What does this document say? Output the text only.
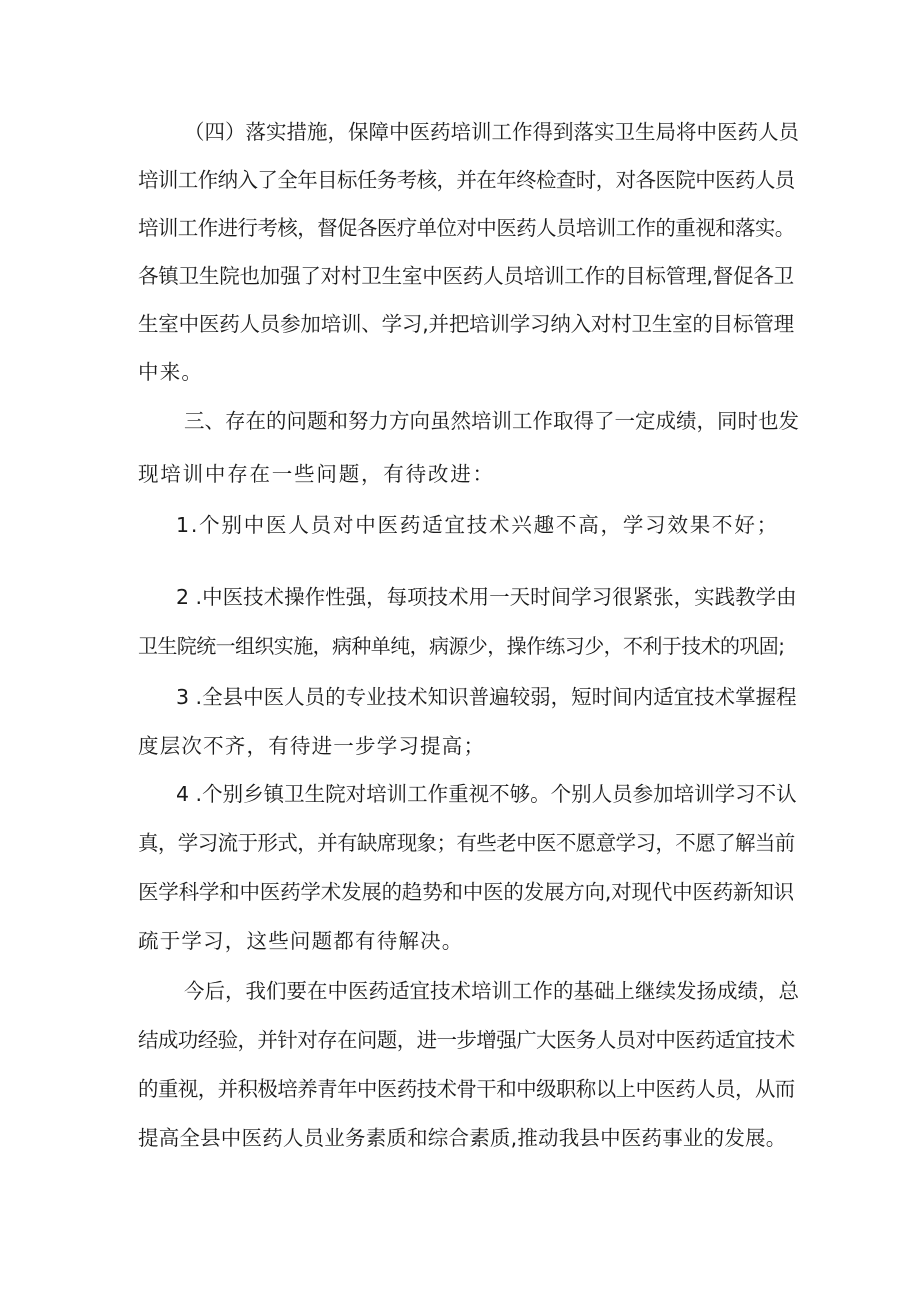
（四）落实措施，保障中医药培训工作得到落实卫生局将中医药人员
培训工作纳入了全年目标任务考核，并在年终检查时，对各医院中医药人员
培训工作进行考核，督促各医疗单位对中医药人员培训工作的重视和落实。
各镇卫生院也加强了对村卫生室中医药人员培训工作的目标管理,督促各卫
生室中医药人员参加培训、学习,并把培训学习纳入对村卫生室的目标管理
中来。
三、存在的问题和努力方向虽然培训工作取得了一定成绩，同时也发
现培训中存在一些问题，有待改进：
1.个别中医人员对中医药适宜技术兴趣不高，学习效果不好；
2 .中医技术操作性强，每项技术用一天时间学习很紧张，实践教学由
卫生院统一组织实施，病种单纯，病源少，操作练习少，不利于技术的巩固;
3 .全县中医人员的专业技术知识普遍较弱，短时间内适宜技术掌握程
度层次不齐，有待进一步学习提高；
4 .个别乡镇卫生院对培训工作重视不够。个别人员参加培训学习不认
真，学习流于形式，并有缺席现象；有些老中医不愿意学习，不愿了解当前
医学科学和中医药学术发展的趋势和中医的发展方向,对现代中医药新知识
疏于学习，这些问题都有待解决。
今后，我们要在中医药适宜技术培训工作的基础上继续发扬成绩，总
结成功经验，并针对存在问题，进一步增强广大医务人员对中医药适宜技术
的重视，并积极培养青年中医药技术骨干和中级职称以上中医药人员，从而
提高全县中医药人员业务素质和综合素质,推动我县中医药事业的发展。
